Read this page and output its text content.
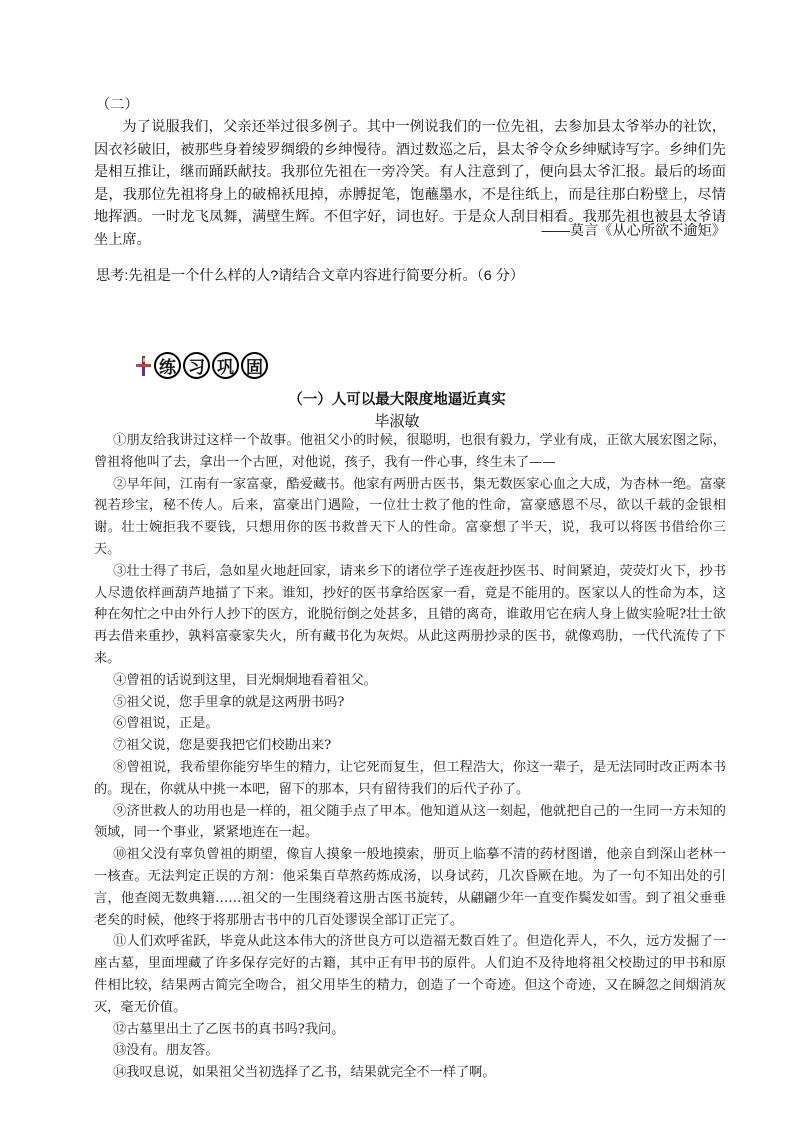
（二）

为了说服我们，父亲还举过很多例子。其中一例说我们的一位先祖，去参加县太爷举办的社饮，因衣衫破旧，被那些身着绫罗绸缎的乡绅慢待。酒过数巡之后，县太爷令众乡绅赋诗写字。乡绅们先是相互推让，继而踊跃献技。我那位先祖在一旁冷笑。有人注意到了，便向县太爷汇报。最后的场面是，我那位先祖将身上的破棉袄甩掉，赤膊捉笔，饱蘸墨水，不是往纸上，而是往那白粉壁上，尽情地挥洒。一时龙飞凤舞，满壁生辉。不但字好，词也好。于是众人刮目相看。我那先祖也被县太爷请坐上席。

——莫言《从心所欲不逾矩》
思考:先祖是一个什么样的人?请结合文章内容进行简要分析。（6 分）
练 习 巩 固
（一）人可以最大限度地逼近真实
毕淑敏

①朋友给我讲过这样一个故事。他祖父小的时候，很聪明，也很有毅力，学业有成，正欲大展宏图之际，曾祖将他叫了去，拿出一个古匣，对他说，孩子，我有一件心事，终生未了——

②早年间，江南有一家富豪，酷爱藏书。他家有两册古医书，集无数医家心血之大成，为杏林一绝。富豪视若珍宝，秘不传人。后来，富豪出门遇险，一位壮士救了他的性命，富豪感恩不尽，欲以千载的金银相谢。壮士婉拒我不要钱，只想用你的医书救普天下人的性命。富豪想了半天，说，我可以将医书借给你三天。

③壮士得了书后，急如星火地赶回家，请来乡下的诸位学子连夜赶抄医书、时间紧迫，荧荧灯火下，抄书人尽遗依样画葫芦地描了下来。谁知，抄好的医书拿给医家一看，竟是不能用的。医家以人的性命为本，这种在匆忙之中由外行人抄下的医方，讹脱衍倒之处甚多，且错的离奇，谁敢用它在病人身上做实验呢?壮士欲再去借来重抄，孰料富豪家失火，所有藏书化为灰烬。从此这两册抄录的医书，就像鸡肋，一代代流传了下来。

④曾祖的话说到这里，目光炯炯地看着祖父。

⑤祖父说，您手里拿的就是这两册书吗?

⑥曾祖说，正是。

⑦祖父说，您是要我把它们校勘出来?

⑧曾祖说，我希望你能穷毕生的精力，让它死而复生，但工程浩大，你这一辈子，是无法同时改正两本书的。现在，你就从中挑一本吧，留下的那本，只有留待我们的后代子孙了。

⑨济世救人的功用也是一样的，祖父随手点了甲本。他知道从这一刻起，他就把自己的一生同一方未知的领域，同一个事业，紧紧地连在一起。

⑩祖父没有辜负曾祖的期望，像盲人摸象一般地摸索，册页上临摹不清的药材图谱，他亲自到深山老林一一核查。无法判定正误的方剂：他采集百草熬药炼成汤，以身试药，几次昏厥在地。为了一句不知出处的引言，他查阅无数典籍……祖父的一生围绕着这册古医书旋转，从翩翩少年一直变作鬓发如雪。到了祖父垂垂老矣的时候，他终于将那册古书中的几百处谬误全部订正完了。

⑪人们欢呼雀跃，毕竟从此这本伟大的济世良方可以造福无数百姓了。但造化弄人，不久，远方发掘了一座古墓，里面埋藏了许多保存完好的古籍，其中正有甲书的原件。人们迫不及待地将祖父校勘过的甲书和原件相比较，结果两古简完全吻合，祖父用毕生的精力，创造了一个奇迹。但这个奇迹，又在瞬忽之间烟消灰灭，毫无价值。

⑫古墓里出土了乙医书的真书吗?我问。

⑬没有。朋友答。

⑭我叹息说，如果祖父当初选择了乙书，结果就完全不一样了啊。
